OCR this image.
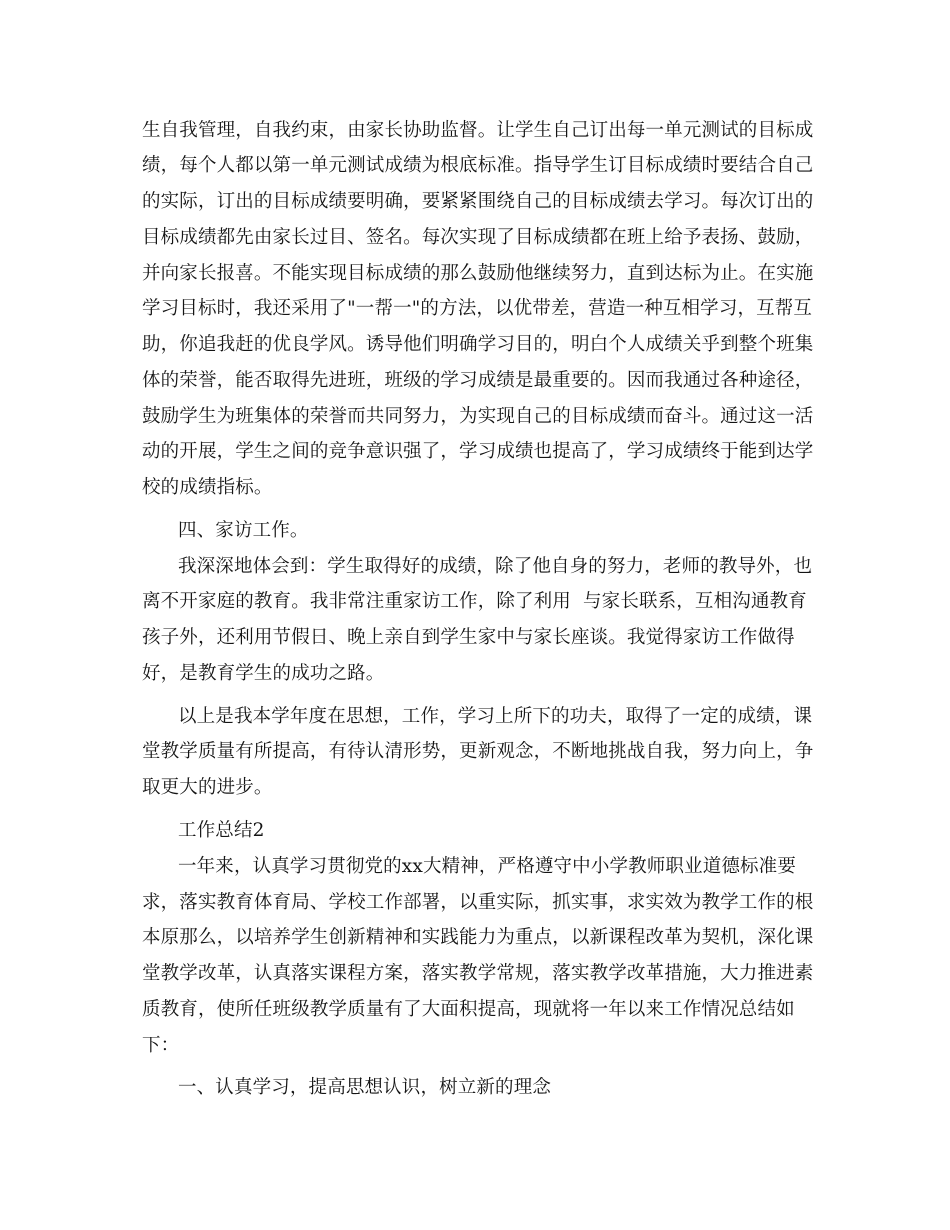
生自我管理，自我约束，由家长协助监督。让学生自己订出每一单元测试的目标成
绩，每个人都以第一单元测试成绩为根底标准。指导学生订目标成绩时要结合自己
的实际，订出的目标成绩要明确，要紧紧围绕自己的目标成绩去学习。每次订出的
目标成绩都先由家长过目、签名。每次实现了目标成绩都在班上给予表扬、鼓励，
并向家长报喜。不能实现目标成绩的那么鼓励他继续努力，直到达标为止。在实施
学习目标时，我还采用了"一帮一"的方法，以优带差，营造一种互相学习，互帮互
助，你追我赶的优良学风。诱导他们明确学习目的，明白个人成绩关乎到整个班集
体的荣誉，能否取得先进班，班级的学习成绩是最重要的。因而我通过各种途径，
鼓励学生为班集体的荣誉而共同努力，为实现自己的目标成绩而奋斗。通过这一活
动的开展，学生之间的竞争意识强了，学习成绩也提高了，学习成绩终于能到达学
校的成绩指标。
四、家访工作。
我深深地体会到：学生取得好的成绩，除了他自身的努力，老师的教导外，也
离不开家庭的教育。我非常注重家访工作，除了利用  与家长联系，互相沟通教育
孩子外，还利用节假日、晚上亲自到学生家中与家长座谈。我觉得家访工作做得
好，是教育学生的成功之路。
以上是我本学年度在思想，工作，学习上所下的功夫，取得了一定的成绩，课
堂教学质量有所提高，有待认清形势，更新观念，不断地挑战自我，努力向上，争
取更大的进步。
工作总结2
一年来，认真学习贯彻党的xx大精神，严格遵守中小学教师职业道德标准要
求，落实教育体育局、学校工作部署，以重实际，抓实事，求实效为教学工作的根
本原那么，以培养学生创新精神和实践能力为重点，以新课程改革为契机，深化课
堂教学改革，认真落实课程方案，落实教学常规，落实教学改革措施，大力推进素
质教育，使所任班级教学质量有了大面积提高，现就将一年以来工作情况总结如
下：
一、认真学习，提高思想认识，树立新的理念
